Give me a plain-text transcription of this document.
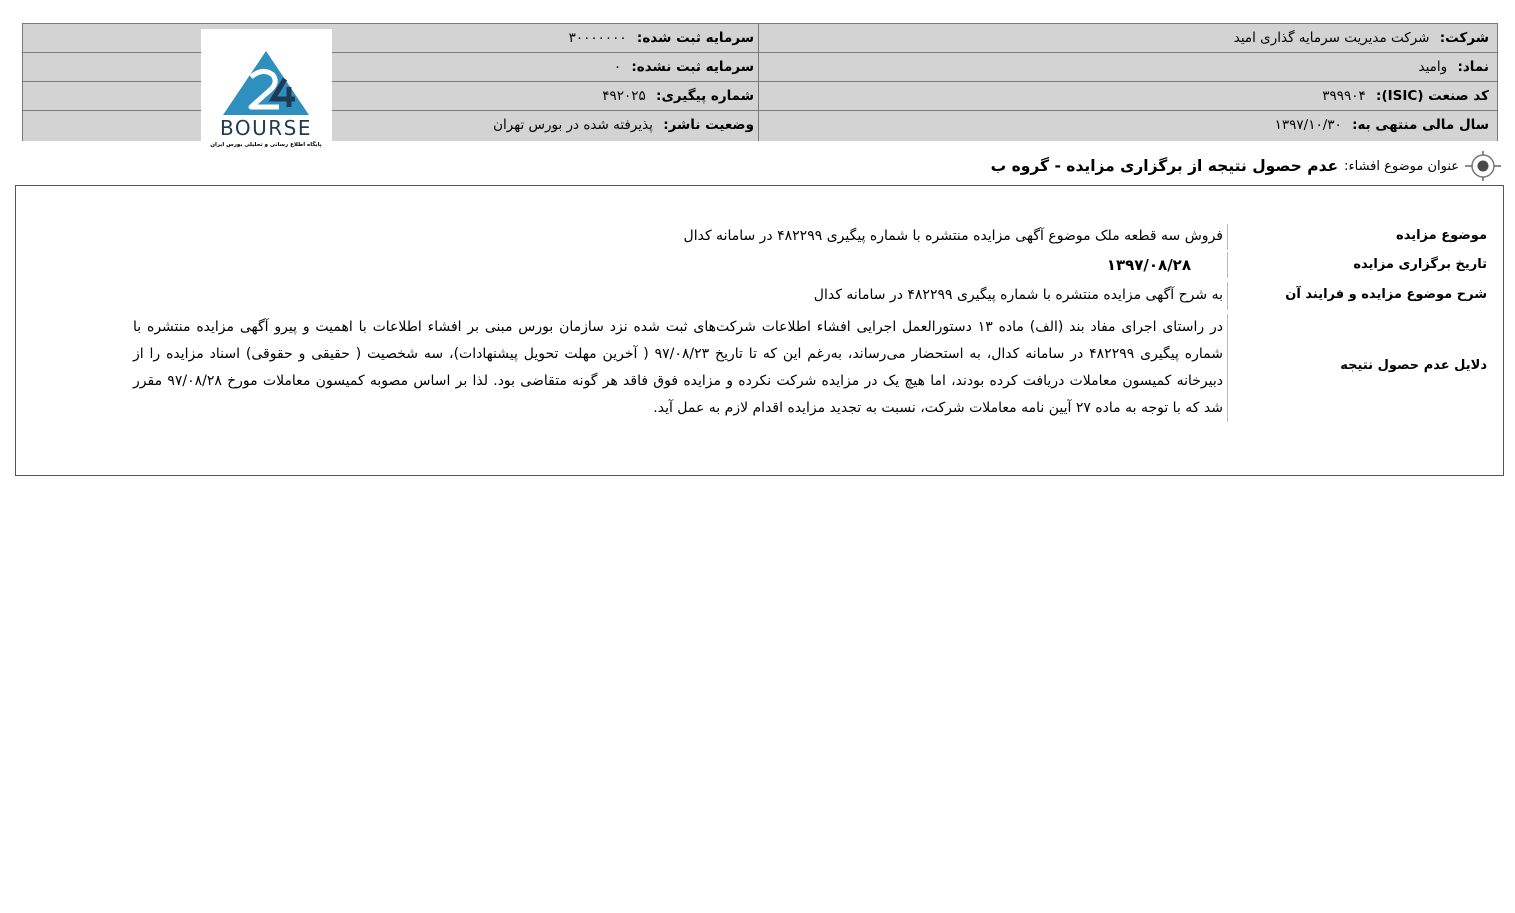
شرکت: شرکت مدیریت سرمایه گذاری امید
سرمایه ثبت شده: ۳۰۰۰۰۰۰۰
نماد: وامید
سرمایه ثبت نشده: ۰
کد صنعت (ISIC): ۳۹۹۹۰۴
شماره پیگیری: ۴۹۲۰۲۵
سال مالی منتهی به: ۱۳۹۷/۱۰/۳۰
وضعیت ناشر: پذیرفته شده در بورس تهران
BOURSE
پایگاه اطلاع رسانی و تحلیلی بورس ایران
عنوان موضوع افشاء:
عدم حصول نتیجه از برگزاری مزایده - گروه ب
موضوع مزایده
فروش سه قطعه ملک موضوع آگهی مزایده منتشره با شماره پیگیری ۴۸۲۲۹۹ در سامانه کدال
تاریخ برگزاری مزایده
۱۳۹۷/۰۸/۲۸
شرح موضوع مزایده و فرایند آن
به شرح آگهی مزایده منتشره با شماره پیگیری ۴۸۲۲۹۹ در سامانه کدال
دلایل عدم حصول نتیجه
در راستای اجرای مفاد بند (الف) ماده ۱۳ دستورالعمل اجرایی افشاء اطلاعات شرکت‌های ثبت شده نزد سازمان بورس مبنی بر افشاء اطلاعات با اهمیت و پیرو آگهی مزایده منتشره با شماره پیگیری ۴۸۲۲۹۹ در سامانه کدال، به استحضار می‌رساند، به‌رغم این که تا تاریخ ۹۷/۰۸/۲۳ ( آخرین مهلت تحویل پیشنهادات)، سه شخصیت ( حقیقی و حقوقی) اسناد مزایده را از دبیرخانه کمیسون معاملات دریافت کرده بودند، اما هیچ یک در مزایده شرکت نکرده و مزایده فوق فاقد هر گونه متقاضی بود. لذا بر اساس مصوبه کمیسون معاملات مورخ ۹۷/۰۸/۲۸ مقرر شد که با توجه به ماده ۲۷ آیین نامه معاملات شرکت، نسبت به تجدید مزایده اقدام لازم به عمل آید.
